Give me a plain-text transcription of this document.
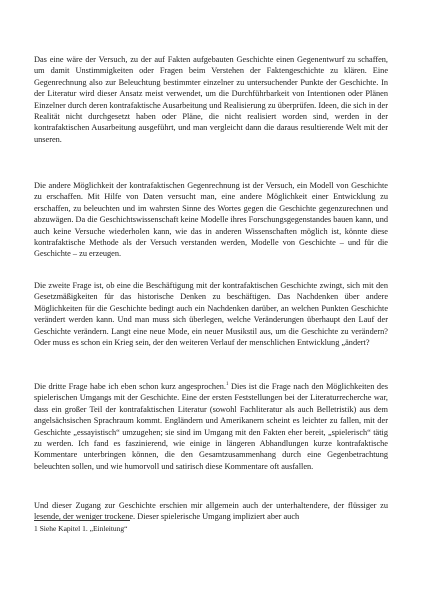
Das eine wäre der Versuch, zu der auf Fakten aufgebauten Geschichte einen Gegenentwurf zu schaffen, um damit Unstimmigkeiten oder Fragen beim Verstehen der Faktengeschichte zu klären. Eine Gegenrechnung also zur Beleuchtung bestimmter einzelner zu untersuchender Punkte der Geschichte. In der Literatur wird dieser Ansatz meist verwendet, um die Durchführbarkeit von Intentionen oder Plänen Einzelner durch deren kontrafaktische Ausarbeitung und Realisierung zu überprüfen. Ideen, die sich in der Realität nicht durchgesetzt haben oder Pläne, die nicht realisiert worden sind, werden in der kontrafaktischen Ausarbeitung ausgeführt, und man vergleicht dann die daraus resultierende Welt mit der unseren.

Die andere Möglichkeit der kontrafaktischen Gegenrechnung ist der Versuch, ein Modell von Geschichte zu erschaffen. Mit Hilfe von Daten versucht man, eine andere Möglichkeit einer Entwicklung zu erschaffen, zu beleuchten und im wahrsten Sinne des Wortes gegen die Geschichte gegenzurechnen und abzuwägen. Da die Geschichtswissenschaft keine Modelle ihres Forschungsgegenstandes bauen kann, und auch keine Versuche wiederholen kann, wie das in anderen Wissenschaften möglich ist, könnte diese kontrafaktische Methode als der Versuch verstanden werden, Modelle von Geschichte – und für die Geschichte – zu erzeugen.

Die zweite Frage ist, ob eine die Beschäftigung mit der kontrafaktischen Geschichte zwingt, sich mit den Gesetzmäßigkeiten für das historische Denken zu beschäftigen. Das Nachdenken über andere Möglichkeiten für die Geschichte bedingt auch ein Nachdenken darüber, an welchen Punkten Geschichte verändert werden kann. Und man muss sich überlegen, welche Veränderungen überhaupt den Lauf der Geschichte verändern. Langt eine neue Mode, ein neuer Musikstil aus, um die Geschichte zu verändern? Oder muss es schon ein Krieg sein, der den weiteren Verlauf der menschlichen Entwicklung „ändert?

Die dritte Frage habe ich eben schon kurz angesprochen.$^1$ Dies ist die Frage nach den Möglichkeiten des spielerischen Umgangs mit der Geschichte. Eine der ersten Feststellungen bei der Literaturrecherche war, dass ein großer Teil der kontrafaktischen Literatur (sowohl Fachliteratur als auch Belletristik) aus dem angelsächsischen Sprachraum kommt. Engländern und Amerikanern scheint es leichter zu fallen, mit der Geschichte „essayistisch“ umzugehen; sie sind im Umgang mit den Fakten eher bereit, „spielerisch“ tätig zu werden. Ich fand es faszinierend, wie einige in längeren Abhandlungen kurze kontrafaktische Kommentare unterbringen können, die den Gesamtzusammenhang durch eine Gegenbetrachtung beleuchten sollen, und wie humorvoll und satirisch diese Kommentare oft ausfallen.

Und dieser Zugang zur Geschichte erschien mir allgemein auch der unterhaltendere, der flüssiger zu lesende, der weniger trockene. Dieser spielerische Umgang impliziert aber auch

1 Siehe Kapitel 1. „Einleitung“
